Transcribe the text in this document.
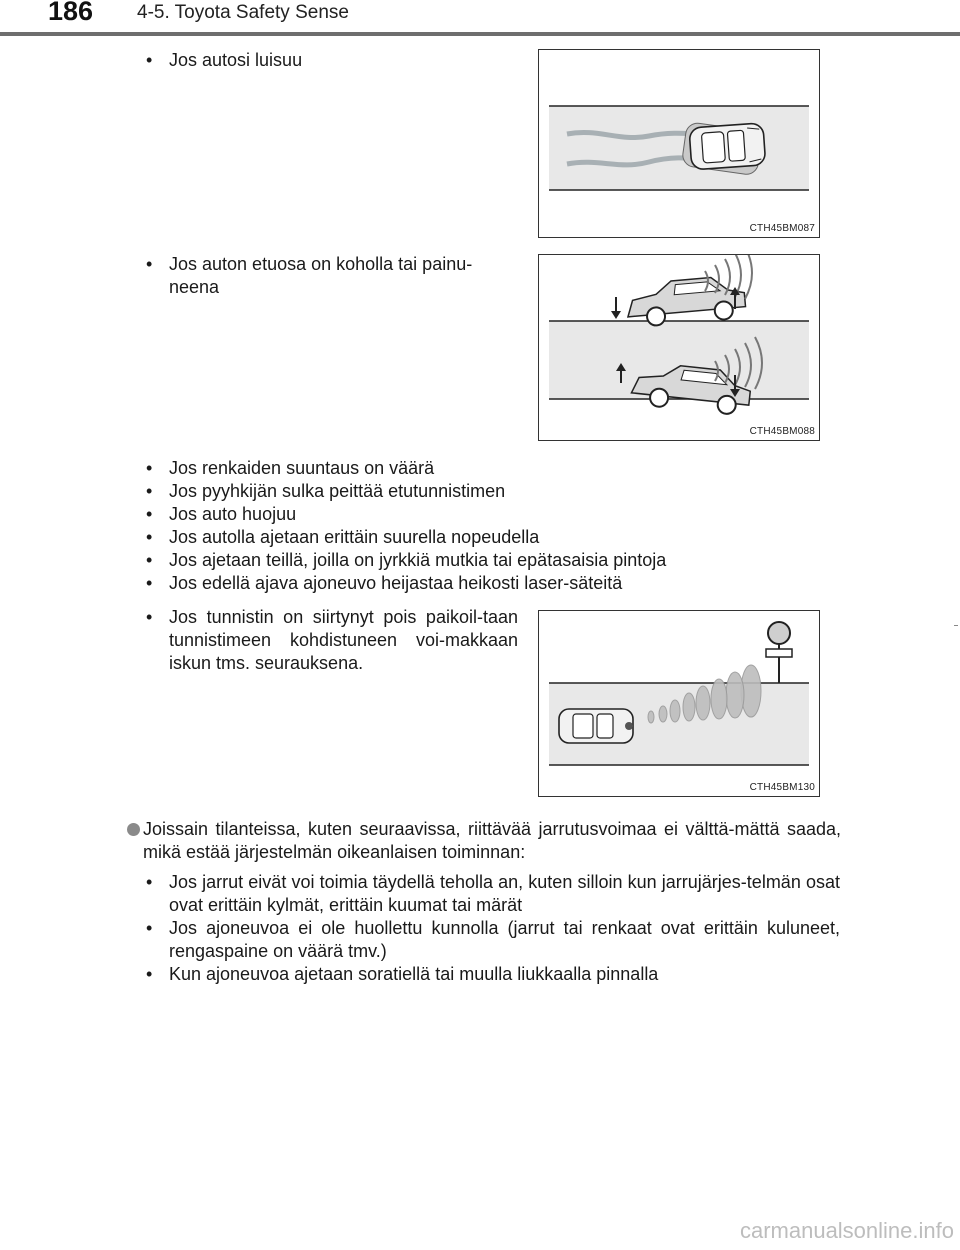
186 4-5. Toyota Safety Sense
• Jos autosi luisuu
CTH45BM087
• Jos auton etuosa on koholla tai painu-
neena
CTH45BM088
• Jos renkaiden suuntaus on väärä
• Jos pyyhkijän sulka peittää etutunnistimen
• Jos auto huojuu
• Jos autolla ajetaan erittäin suurella nopeudella
• Jos ajetaan teillä, joilla on jyrkkiä mutkia tai epätasaisia pintoja
• Jos edellä ajava ajoneuvo heijastaa heikosti laser-säteitä
• Jos tunnistin on siirtynyt pois paikoil-taan tunnistimeen kohdistuneen voi-makkaan iskun tms. seurauksena.
CTH45BM130
Joissain tilanteissa, kuten seuraavissa, riittävää jarrutusvoimaa ei välttä-mättä saada, mikä estää järjestelmän oikeanlaisen toiminnan:
• Jos jarrut eivät voi toimia täydellä teholla an, kuten silloin kun jarrujärjes-telmän osat ovat erittäin kylmät, erittäin kuumat tai märät
• Jos ajoneuvoa ei ole huollettu kunnolla (jarrut tai renkaat ovat erittäin kuluneet, rengaspaine on väärä tmv.)
• Kun ajoneuvoa ajetaan soratiellä tai muulla liukkaalla pinnalla
carmanualsonline.info
